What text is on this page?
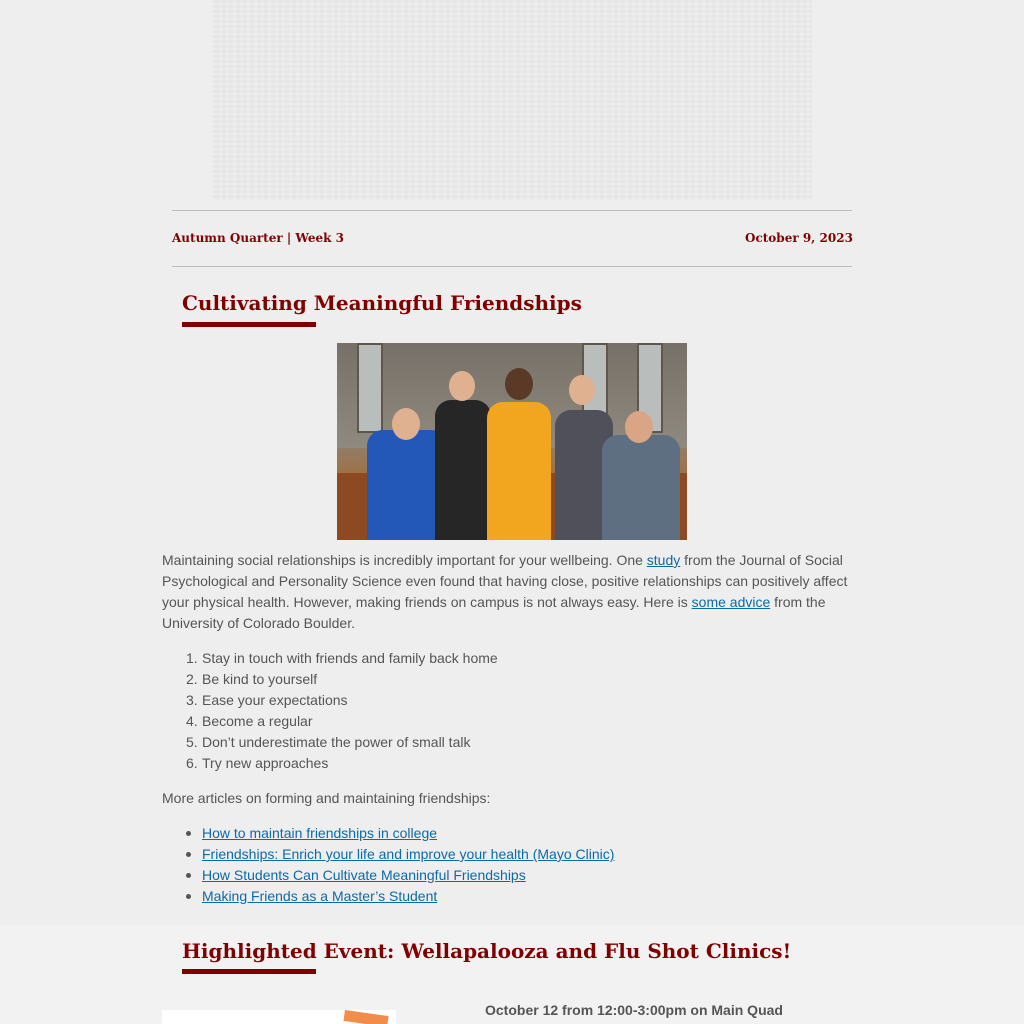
Autumn Quarter | Week 3	October 9, 2023
Cultivating Meaningful Friendships

Maintaining social relationships is incredibly important for your wellbeing. One study from the Journal of Social Psychological and Personality Science even found that having close, positive relationships can positively affect your physical health. However, making friends on campus is not always easy. Here is some advice from the University of Colorado Boulder.

1. Stay in touch with friends and family back home
2. Be kind to yourself
3. Ease your expectations
4. Become a regular
5. Don’t underestimate the power of small talk
6. Try new approaches

More articles on forming and maintaining friendships:

How to maintain friendships in college
Friendships: Enrich your life and improve your health (Mayo Clinic)
How Students Can Cultivate Meaningful Friendships
Making Friends as a Master’s Student
Highlighted Event: Wellapalooza and Flu Shot Clinics!
October 12 from 12:00-3:00pm on Main Quad
